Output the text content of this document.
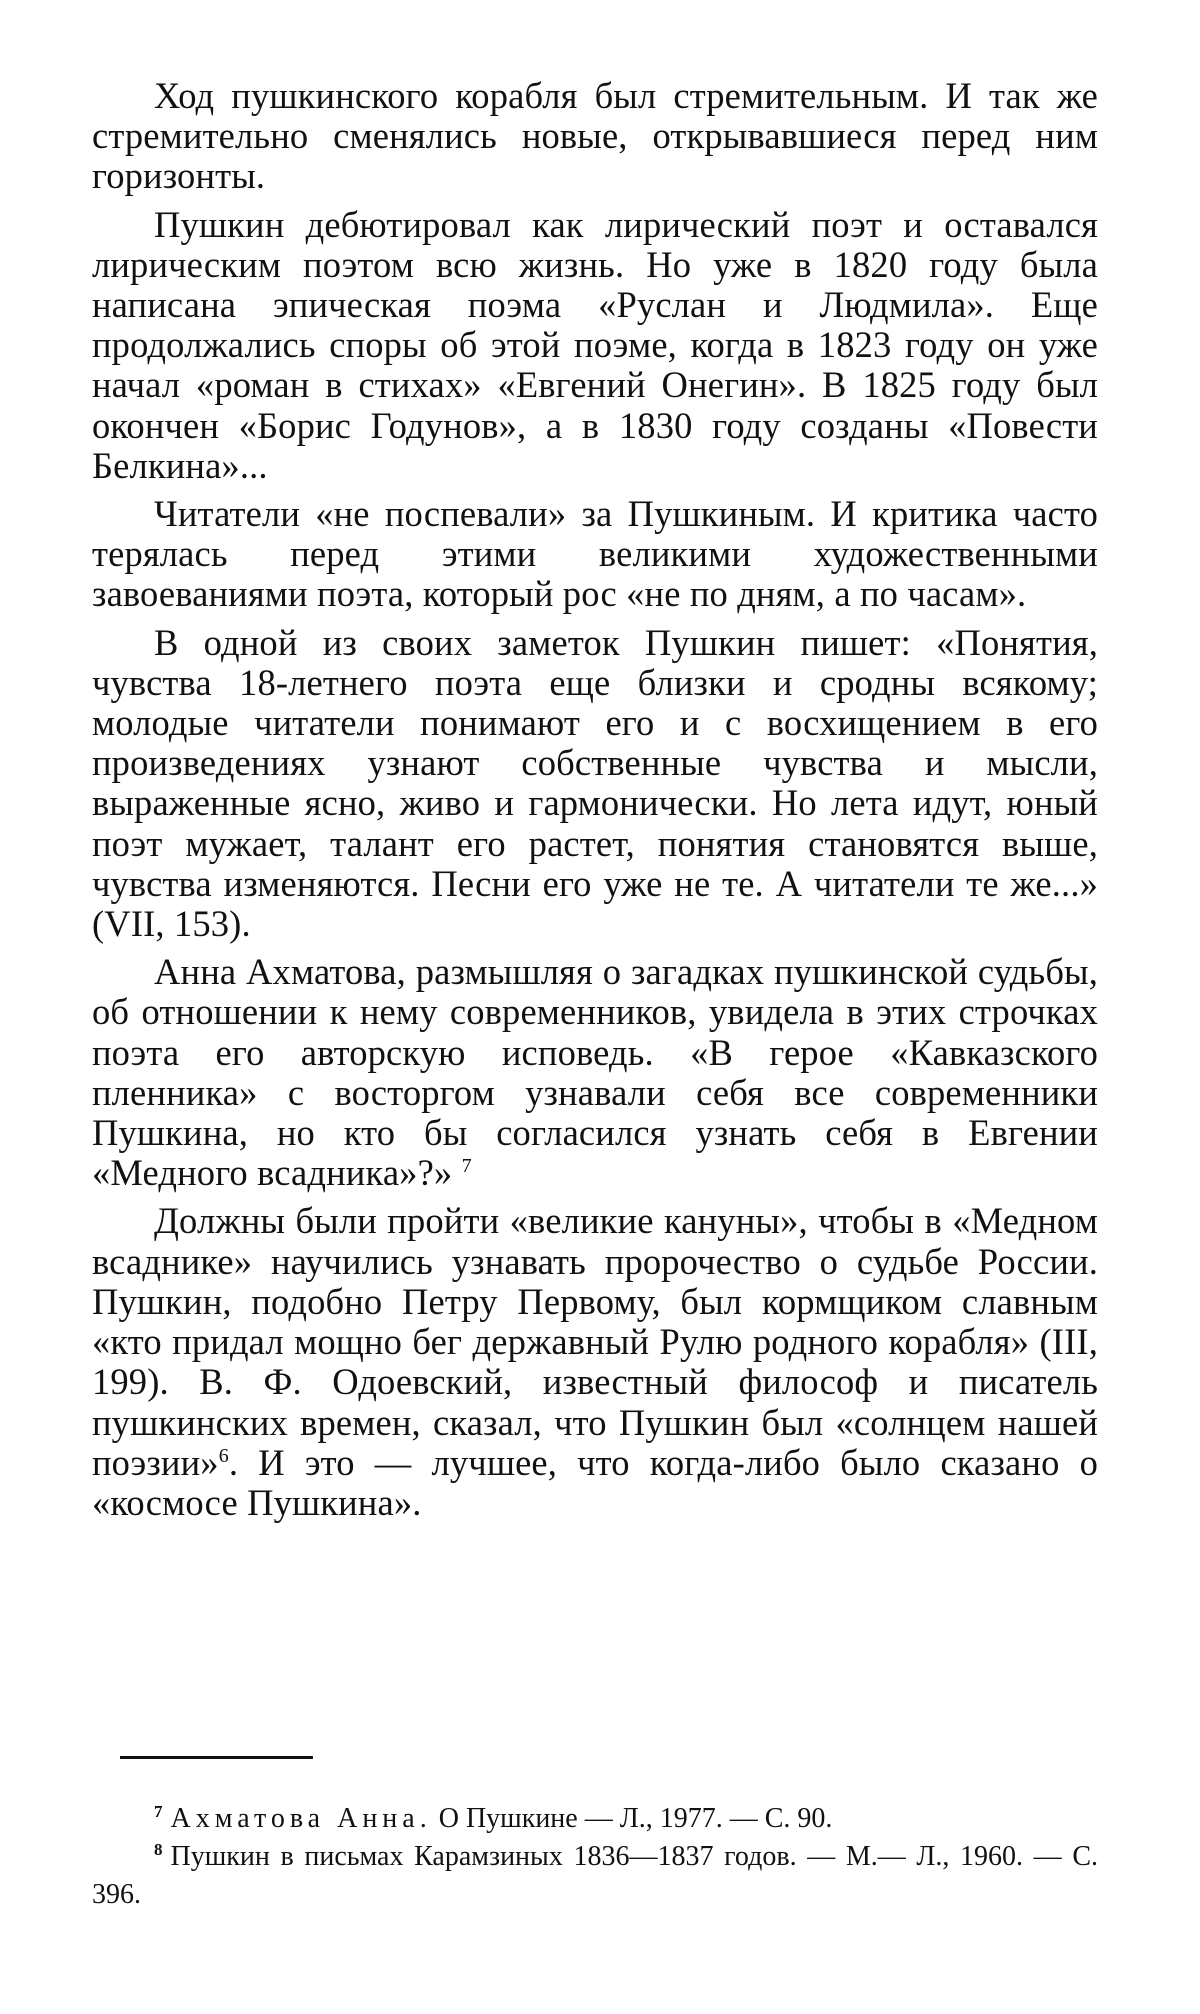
Ход пушкинского корабля был стремительным. И так же стремительно сменялись новые, открывавшиеся перед ним горизонты.

Пушкин дебютировал как лирический поэт и оставался лирическим поэтом всю жизнь. Но уже в 1820 году была написана эпическая поэма «Руслан и Людмила». Еще продолжались споры об этой поэме, когда в 1823 году он уже начал «роман в стихах» «Евгений Онегин». В 1825 году был окончен «Борис Годунов», а в 1830 году созданы «Повести Белкина»...

Читатели «не поспевали» за Пушкиным. И критика часто терялась перед этими великими художественными завоеваниями поэта, который рос «не по дням, а по часам».

В одной из своих заметок Пушкин пишет: «Понятия, чувства 18-летнего поэта еще близки и сродны всякому; молодые читатели понимают его и с восхищением в его произведениях узнают собственные чувства и мысли, выраженные ясно, живо и гармонически. Но лета идут, юный поэт мужает, талант его растет, понятия становятся выше, чувства изменяются. Песни его уже не те. А читатели те же...» (VII, 153).

Анна Ахматова, размышляя о загадках пушкинской судьбы, об отношении к нему современников, увидела в этих строчках поэта его авторскую исповедь. «В герое «Кавказского пленника» с восторгом узнавали себя все современники Пушкина, но кто бы согласился узнать себя в Евгении «Медного всадника»?» $^7$

Должны были пройти «великие кануны», чтобы в «Медном всаднике» научились узнавать пророчество о судьбе России. Пушкин, подобно Петру Первому, был кормщиком славным «кто придал мощно бег державный Рулю родного корабля» (III, 199). В. Ф. Одоевский, известный философ и писатель пушкинских времен, сказал, что Пушкин был «солнцем нашей поэзии»$^6$. И это — лучшее, что когда-либо было сказано о «космосе Пушкина».

$^7$ Ахматова Анна. О Пушкине — Л., 1977. — С. 90.

$^8$ Пушкин в письмах Карамзиных 1836—1837 годов. — М.— Л., 1960. — С. 396.
